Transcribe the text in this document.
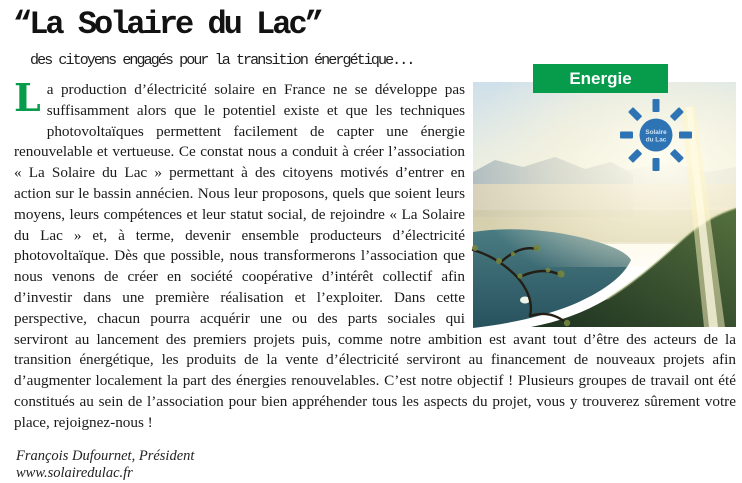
“La Solaire du Lac”

des citoyens engagés pour la transition énergétique...

Energie

Solaire
du Lac
L a production d’électricité solaire en France ne se développe pas suffisamment alors que le potentiel existe et que les techniques photovoltaïques permettent facilement de capter une énergie renouvelable et vertueuse. Ce constat nous a conduit à créer l’association « La Solaire du Lac » permettant à des citoyens motivés d’entrer en action sur le bassin annécien. Nous leur proposons, quels que soient leurs moyens, leurs compétences et leur statut social, de rejoindre « La Solaire du Lac » et, à terme, devenir ensemble producteurs d’électricité photovoltaïque. Dès que possible, nous transformerons l’association que nous venons de créer en société coopérative d’intérêt collectif afin d’investir dans une première réalisation et l’exploiter. Dans cette perspective, chacun pourra acquérir une ou des parts sociales qui serviront au lancement des premiers projets puis, comme notre ambition est avant tout d’être des acteurs de la transition énergétique, les produits de la vente d’électricité serviront au financement de nouveaux projets afin d’augmenter localement la part des énergies renouvelables. C’est notre objectif ! Plusieurs groupes de travail ont été constitués au sein de l’association pour bien appréhender tous les aspects du projet, vous y trouverez sûrement votre place, rejoignez-nous !

François Dufournet, Président
www.solairedulac.fr
